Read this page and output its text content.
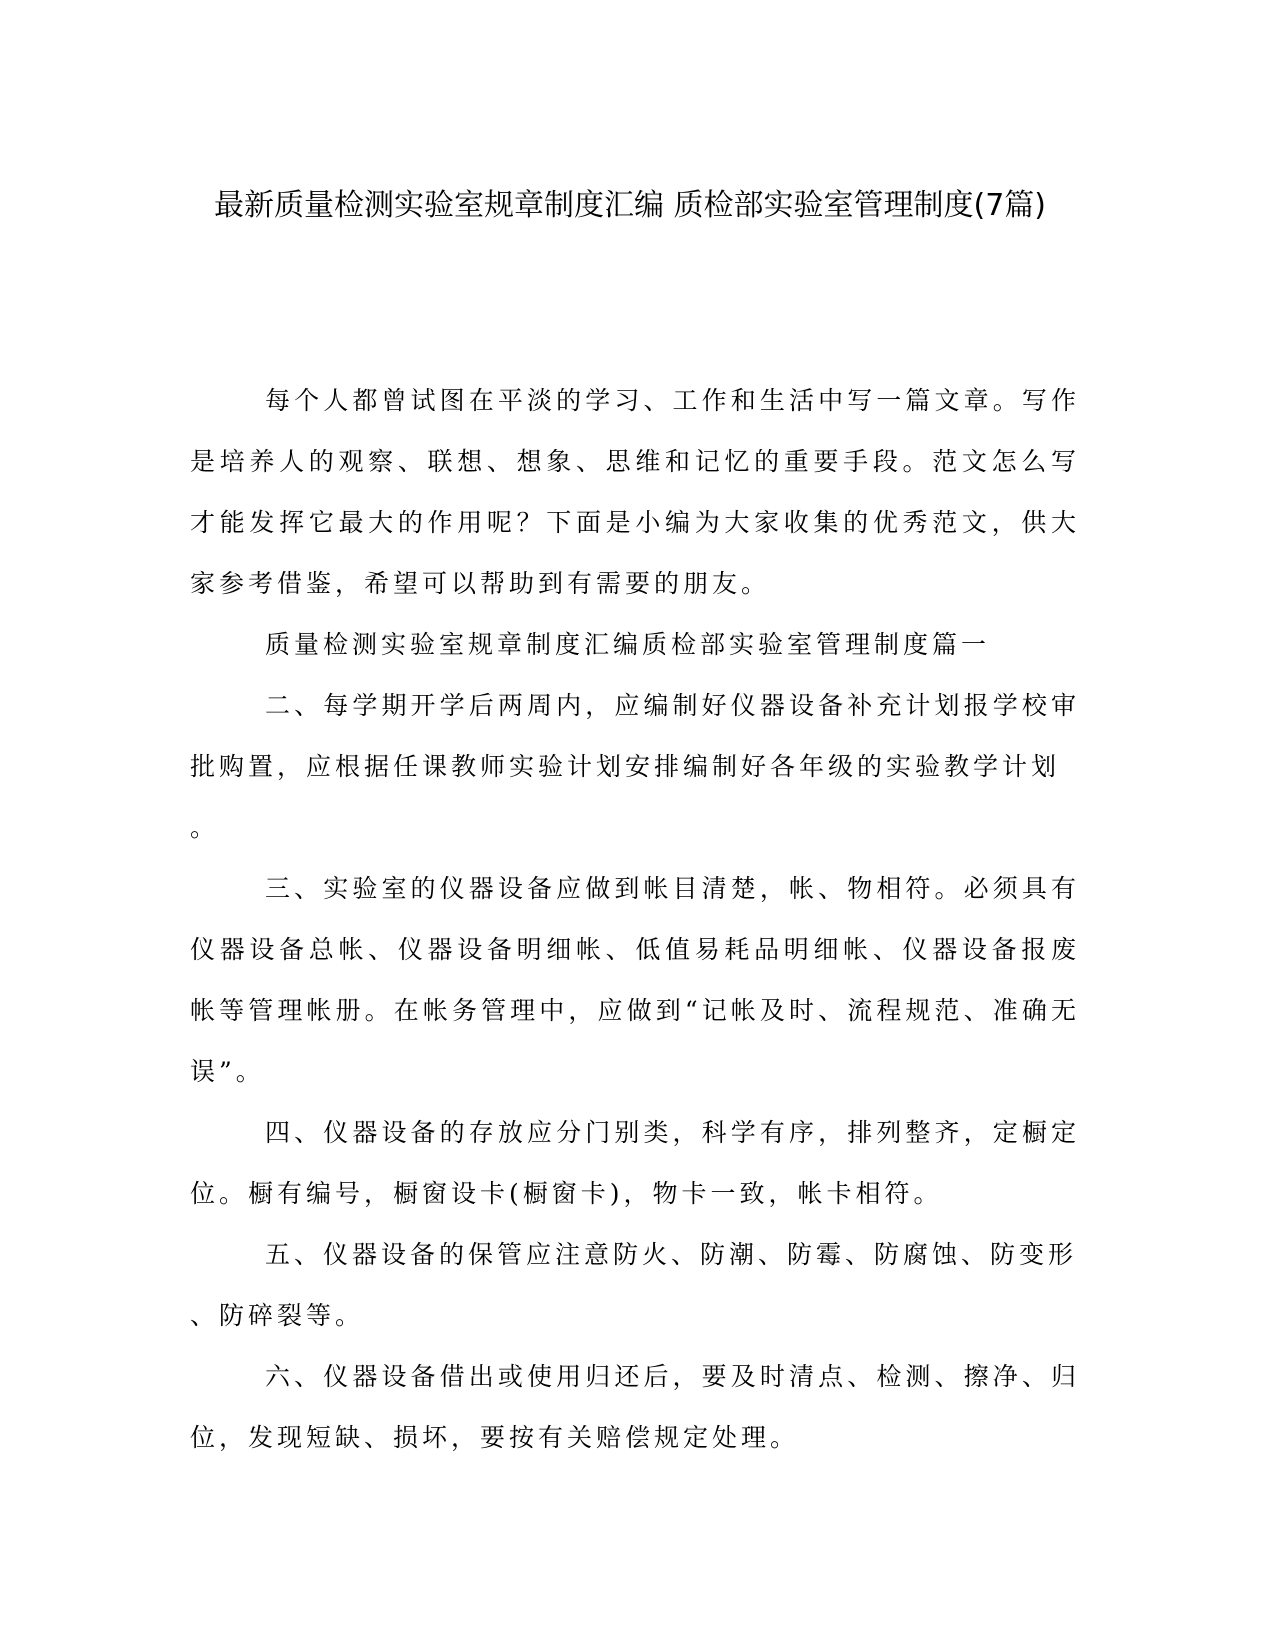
最新质量检测实验室规章制度汇编 质检部实验室管理制度(7篇)

每个人都曾试图在平淡的学习、工作和生活中写一篇文章。写作是培养人的观察、联想、想象、思维和记忆的重要手段。范文怎么写才能发挥它最大的作用呢？下面是小编为大家收集的优秀范文，供大家参考借鉴，希望可以帮助到有需要的朋友。

质量检测实验室规章制度汇编质检部实验室管理制度篇一

二、每学期开学后两周内，应编制好仪器设备补充计划报学校审批购置，应根据任课教师实验计划安排编制好各年级的实验教学计划

。

三、实验室的仪器设备应做到帐目清楚，帐、物相符。必须具有仪器设备总帐、仪器设备明细帐、低值易耗品明细帐、仪器设备报废帐等管理帐册。在帐务管理中，应做到“记帐及时、流程规范、准确无误”。

四、仪器设备的存放应分门别类，科学有序，排列整齐，定橱定位。橱有编号，橱窗设卡(橱窗卡)，物卡一致，帐卡相符。

五、仪器设备的保管应注意防火、防潮、防霉、防腐蚀、防变形

、防碎裂等。

六、仪器设备借出或使用归还后，要及时清点、检测、擦净、归位，发现短缺、损坏，要按有关赔偿规定处理。
